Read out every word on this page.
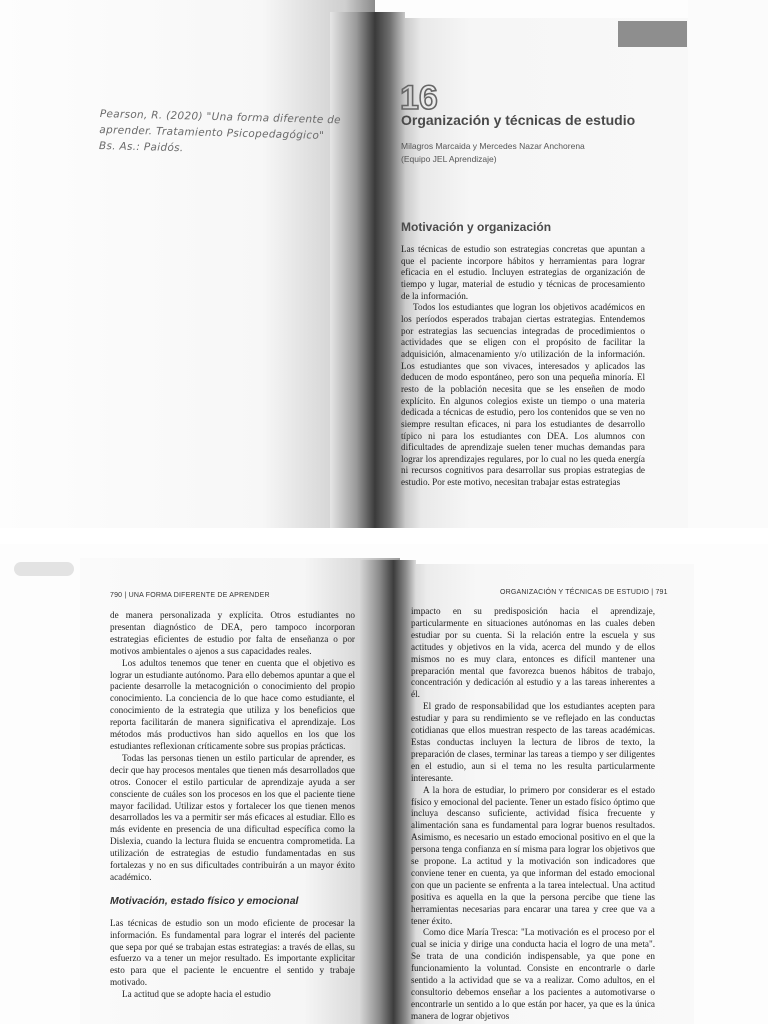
Pearson, R. (2020) "Una forma diferente de
aprender. Tratamiento Psicopedagógico"
Bs. As.: Paidós.
16
Organización y técnicas de estudio
Milagros Marcaida y Mercedes Nazar Anchorena
(Equipo JEL Aprendizaje)
Motivación y organización

Las técnicas de estudio son estrategias concretas que apuntan a que el paciente incorpore hábitos y herramientas para lograr eficacia en el estudio. Incluyen estrategias de organización de tiempo y lugar, material de estudio y técnicas de procesamiento de la información.

Todos los estudiantes que logran los objetivos académicos en los períodos esperados trabajan ciertas estrategias. Entendemos por estrategias las secuencias integradas de procedimientos o actividades que se eligen con el propósito de facilitar la adquisición, almacenamiento y/o utilización de la información. Los estudiantes que son vivaces, interesados y aplicados las deducen de modo espontáneo, pero son una pequeña minoría. El resto de la población necesita que se les enseñen de modo explícito. En algunos colegios existe un tiempo o una materia dedicada a técnicas de estudio, pero los contenidos que se ven no siempre resultan eficaces, ni para los estudiantes de desarrollo típico ni para los estudiantes con DEA. Los alumnos con dificultades de aprendizaje suelen tener muchas demandas para lograr los aprendizajes regulares, por lo cual no les queda energía ni recursos cognitivos para desarrollar sus propias estrategias de estudio. Por este motivo, necesitan trabajar estas estrategias

790 | UNA FORMA DIFERENTE DE APRENDER	ORGANIZACIÓN Y TÉCNICAS DE ESTUDIO | 791

de manera personalizada y explícita. Otros estudiantes no presentan diagnóstico de DEA, pero tampoco incorporan estrategias eficientes de estudio por falta de enseñanza o por motivos ambientales o ajenos a sus capacidades reales.

Los adultos tenemos que tener en cuenta que el objetivo es lograr un estudiante autónomo. Para ello debemos apuntar a que el paciente desarrolle la metacognición o conocimiento del propio conocimiento. La conciencia de lo que hace como estudiante, el conocimiento de la estrategia que utiliza y los beneficios que reporta facilitarán de manera significativa el aprendizaje. Los métodos más productivos han sido aquellos en los que los estudiantes reflexionan críticamente sobre sus propias prácticas.

Todas las personas tienen un estilo particular de aprender, es decir que hay procesos mentales que tienen más desarrollados que otros. Conocer el estilo particular de aprendizaje ayuda a ser consciente de cuáles son los procesos en los que el paciente tiene mayor facilidad. Utilizar estos y fortalecer los que tienen menos desarrollados les va a permitir ser más eficaces al estudiar. Ello es más evidente en presencia de una dificultad específica como la Dislexia, cuando la lectura fluida se encuentra comprometida. La utilización de estrategias de estudio fundamentadas en sus fortalezas y no en sus dificultades contribuirán a un mayor éxito académico.

Motivación, estado físico y emocional

Las técnicas de estudio son un modo eficiente de procesar la información. Es fundamental para lograr el interés del paciente que sepa por qué se trabajan estas estrategias: a través de ellas, su esfuerzo va a tener un mejor resultado. Es importante explicitar esto para que el paciente le encuentre el sentido y trabaje motivado.

La actitud que se adopte hacia el estudio

impacto en su predisposición hacia el aprendizaje, particularmente en situaciones autónomas en las cuales deben estudiar por su cuenta. Si la relación entre la escuela y sus actitudes y objetivos en la vida, acerca del mundo y de ellos mismos no es muy clara, entonces es difícil mantener una preparación mental que favorezca buenos hábitos de trabajo, concentración y dedicación al estudio y a las tareas inherentes a él.

El grado de responsabilidad que los estudiantes acepten para estudiar y para su rendimiento se ve reflejado en las conductas cotidianas que ellos muestran respecto de las tareas académicas. Estas conductas incluyen la lectura de libros de texto, la preparación de clases, terminar las tareas a tiempo y ser diligentes en el estudio, aun si el tema no les resulta particularmente interesante.

A la hora de estudiar, lo primero por considerar es el estado físico y emocional del paciente. Tener un estado físico óptimo que incluya descanso suficiente, actividad física frecuente y alimentación sana es fundamental para lograr buenos resultados. Asimismo, es necesario un estado emocional positivo en el que la persona tenga confianza en sí misma para lograr los objetivos que se propone. La actitud y la motivación son indicadores que conviene tener en cuenta, ya que informan del estado emocional con que un paciente se enfrenta a la tarea intelectual. Una actitud positiva es aquella en la que la persona percibe que tiene las herramientas necesarias para encarar una tarea y cree que va a tener éxito.

Como dice María Tresca: "La motivación es el proceso por el cual se inicia y dirige una conducta hacia el logro de una meta". Se trata de una condición indispensable, ya que pone en funcionamiento la voluntad. Consiste en encontrarle o darle sentido a la actividad que se va a realizar. Como adultos, en el consultorio debemos enseñar a los pacientes a automotivarse o encontrarle un sentido a lo que están por hacer, ya que es la única manera de lograr objetivos
